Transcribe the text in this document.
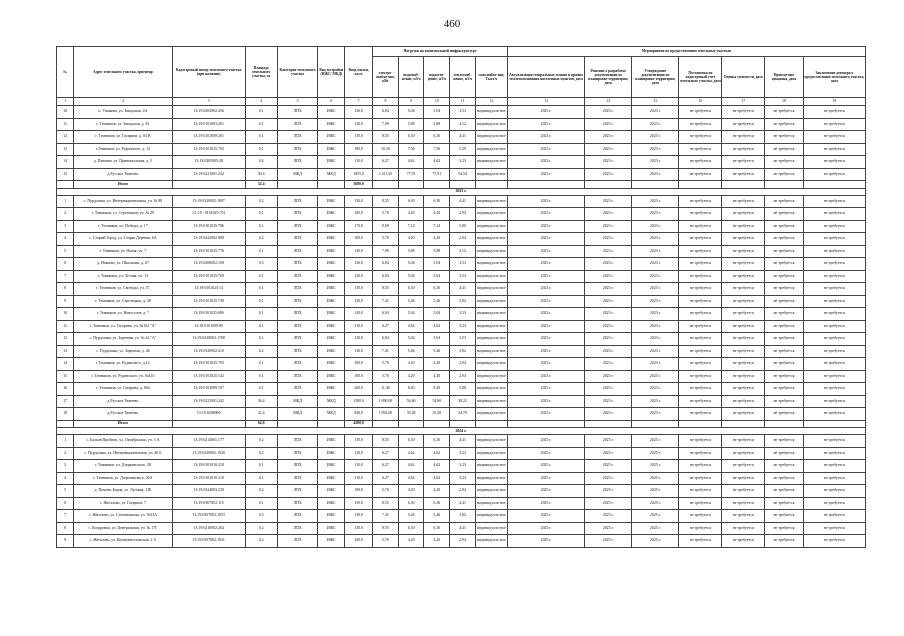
460
№	Адрес земельного участка, ориентир	Кадастровый номер земельного участка (при наличии)	Площадь земельного участка, га	Категория земельного участка	Вид застройки (ИЖС/ МКД)	Ввод жилья, кв.м.	Нагрузки на коммунальной инфраструктуре					Мероприятия по предоставлению земельных участков						
							электро-снабже-ние, кВт	водоснаб-жение, м3/ч	водоотве-дение, м3/ч	теплоснаб-жение, м3/ч	газоснабже-ние, Гкал/ч	Актуализация генеральных планов и правил землепользования населенных пунктов, дата	Решение о разработке документации по планировке территории, дата	Утверждение документации по планировке территории, дата	Постановка на кадастровый учет земельного участка, дата	Оценка стоимости, дата	Проведе-ние аукциона, дата	Заключение договора о предоставлении земельного участка, дата
1	2	3	4	5	6	7	8	9	10	11	12	13	14	15	16	17	18	19
10	п. Ушакова, ул. Заводская, 4А	13:19:0203002:456	0,1	ЛПХ	ИЖС	120,0	6,84	5,04	5,04	3,53	индивидуаль-ное	2023 г.	2023 г.	2023 г.	не требуется	не требуется	не требуется	не требуется
11	г. Темников, ул. Заводская, д. 81	13:19:0101003:401	0,1	ЛПХ	ИЖС	140,0	7,98	5,88	5,88	4,12	индивидуаль-ное	2023 г.	2023 г.	2023 г.	не требуется	не требуется	не требуется	не требуется
12	г. Темников, ул. Гагарина, д. 84 В	13:19:0101009:201	0,1	ЛПХ	ИЖС	150,0	8,55	6,30	6,30	4,41	индивидуаль-ное	2023 г.	2023 г.	2023 г.	не требуется	не требуется	не требуется	не требуется
13	г.Темников, ул. Рудинского, д. 12	13:19:0101025:703	0,1	ЛПХ	ИЖС	180,0	10,26	7,56	7,56	5,29	индивидуаль-ное	2023 г.	2023 г.	2023 г.	не требуется	не требуется	не требуется	не требуется
14	д. Пановка, ул. Привокзальная, д. 5	13:19:0205005:28	0,4	ЛПХ	ИЖС	110,0	6,27	4,62	4,62	3,23	индивидуаль-ное	2023 г.	2023 г.	2023 г.	не требуется	не требуется	не требуется	не требуется
15	д.Русское Тювеево	13:19:0221001:242	30,4	МКД	МКД	1855,0	2 411,50	77,91	77,91	54,54	индивидуаль-ное	2023 г.	2023 г.	2023 г.	не требуется	не требуется	не требуется	не требуется
	Итого		32,4			3680,0												
2023 г.																		
1	с. Пурдошки, ул. Интернациональная, уч. № 88	13:19:0320002:1807	0,2	ЛПХ	ИЖС	150,0	8,55	6,30	6,30	4,41	индивидуаль-ное	2023 г.	2023 г.	2023 г.	не требуется	не требуется	не требуется	не требуется
2	г. Темников, ул. Стрелецкая, уч. № 29	13 :19 : 0101025:701	0,1	ЛПХ	ИЖС	100,0	5,70	4,20	4,20	2,94	индивидуаль-ное	2023 г.	2023 г.	2023 г.	не требуется	не требуется	не требуется	не требуется
3	г. Темников, ул. Победы, д. 17	13:19:0101025:786	0,1	ЛПХ	ИЖС	170,0	9,69	7,14	7,14	5,00	индивидуаль-ное	2023 г.	2023 г.	2023 г.	не требуется	не требуется	не требуется	не требуется
4	с. Старый Город, ул. Старая Деревня, 6А	13:19:0422002:888	0,2	ЛПХ	ИЖС	100,0	5,70	4,20	4,20	2,94	индивидуаль-ное	2023 г.	2023 г.	2023 г.	не требуется	не требуется	не требуется	не требуется
5	г. Темников, ул. Новая, уч. 7	13:19:0101025:776	0,1	ЛПХ	ИЖС	140,0	7,98	5,88	5,88	4,12	индивидуаль-ное	2023 г.	2023 г.	2023 г.	не требуется	не требуется	не требуется	не требуется
6	д. Итяково, ул. Школьная, д. 67	13:19:0208002:108	0,3	ЛПХ	ИЖС	120,0	6,84	5,04	5,04	3,53	индивидуаль-ное	2023 г.	2023 г.	2023 г.	не требуется	не требуется	не требуется	не требуется
7	г. Темников, ул. Лесная, уч. 13	13:19:0101025:769	0,1	ЛПХ	ИЖС	120,0	6,84	5,04	5,04	3,53	индивидуаль-ное	2023 г.	2023 г.	2023 г.	не требуется	не требуется	не требуется	не требуется
8	г. Темников, ул. Свободы, уч. 37	13:19:0101025:14	0,1	ЛПХ	ИЖС	150,0	8,55	6,30	6,30	4,41	индивидуаль-ное	2023 г.	2023 г.	2023 г.	не требуется	не требуется	не требуется	не требуется
9	г. Темников, ул. Стрелецкая, д. 28	13:19:0101025:738	0,1	ЛПХ	ИЖС	130,0	7,41	5,46	5,46	3,82	индивидуаль-ное	2023 г.	2023 г.	2023 г.	не требуется	не требуется	не требуется	не требуется
10	г. Темников, ул. Новоселов, д. 7	13:19:0101025:696	0,1	ЛПХ	ИЖС	120,0	6,84	5,04	5,04	3,53	индивидуаль-ное	2023 г.	2023 г.	2023 г.	не требуется	не требуется	не требуется	не требуется
11	г. Темников, ул. Гагарина, уч. №102 "А"	13:19:0101009:80	0,1	ЛПХ	ИЖС	110,0	6,27	4,62	4,62	3,23	индивидуаль-ное	2023 г.	2023 г.	2023 г.	не требуется	не требуется	не требуется	не требуется
12	с. Пурдошки, ул. Заречная, уч. № 44 "А"	13:19:0320002:1708	0,1	ЛПХ	ИЖС	120,0	6,84	5,04	5,04	3,53	индивидуаль-ное	2023 г.	2023 г.	2023 г.	не требуется	не требуется	не требуется	не требуется
13	с. Пурдошки, ул. Заречная, д. 46	13:19:0320002:410	0,2	ЛПХ	ИЖС	130,0	7,41	5,46	5,46	3,82	индивидуаль-ное	2023 г.	2023 г.	2023 г.	не требуется	не требуется	не требуется	не требуется
14	г.Темников, ул. Рудинского, д.12	13:19:0101025:703	0,1	ЛПХ	ИЖС	100,0	5,70	4,20	4,20	2,94	индивидуаль-ное	2023 г.	2023 г.	2023 г.	не требуется	не требуется	не требуется	не требуется
15	г. Темников, ул. Рудинского, уч. №410	13:19:0101025:142	0,1	ЛПХ	ИЖС	100,0	5,70	4,20	4,20	2,94	индивидуаль-ное	2023 г.	2023 г.	2023 г.	не требуется	не требуется	не требуется	не требуется
16	г. Темников, ул. Гагарина, д. 80а	13:19:0101009:107	0,1	ЛПХ	ИЖС	200,0	11,40	8,40	8,40	5,88	индивидуаль-ное	2023 г.	2023 г.	2023 г.	не требуется	не требуется	не требуется	не требуется
17	д.Русское Тювеево	13:19:0221001:242	36,4	МКД	МКД	1300,0	1 690,00	54,60	54,60	38,22	индивидуаль-ное	2023 г.	2023 г.	2023 г.	не требуется	не требуется	не требуется	не требуется
18	д.Русское Тювеево	13:19:0208006	32,4	МКД	МКД	840,0	1 092,00	35,28	35,28	24,70	индивидуаль-ное	2023 г.	2023 г.	2023 г.	не требуется	не требуется	не требуется	не требуется
	Итого		64,8			4200,0												
2024 г.																		
1	с. Балков Пробино, ул. Октябрьская, уч. 3 А	13:19:0214001:177	0,2	ЛПХ	ИЖС	150,0	8,55	6,30	6,30	4,41	индивидуаль-ное	2025 г.	2025 г.	2025 г.	не требуется	не требуется	не требуется	не требуется
2	с. Пурдошки, ул. Интернациональная, уч. 46 Б	13:19:0320002:1920	0,2	ЛПХ	ИЖС	110,0	6,27	4,62	4,62	3,23	индивидуаль-ное	2025 г.	2025 г.	2025 г.	не требуется	не требуется	не требуется	не требуется
3	г. Темников, ул. Дзержинского, 28	13:19:0101010:218	0,1	ЛПХ	ИЖС	110,0	6,27	4,62	4,62	3,23	индивидуаль-ное	2025 г.	2025 г.	2025 г.	не требуется	не требуется	не требуется	не требуется
4	г. Темников, ул. Дзержинского, 20А	13:19:0101010:219	0,1	ЛПХ	ИЖС	110,0	6,27	4,62	4,62	3,23	индивидуаль-ное	2025 г.	2025 г.	2025 г.	не требуется	не требуется	не требуется	не требуется
5	д. Пешево Борок, ул. Луговая, 13Б	13:19:0324003:239	0,2	ЛПХ	ИЖС	100,0	5,70	4,20	4,20	2,94	индивидуаль-ное	2025 г.	2025 г.	2025 г.	не требуется	не требуется	не требуется	не требуется
6	с. Жегалово, ул. Гагарина, 7	13:19:0307002:115	0,1	ЛПХ	ИЖС	150,0	8,55	6,30	6,30	4,41	индивидуаль-ное	2025 г.	2025 г.	2025 г.	не требуется	не требуется	не требуется	не требуется
7	с. Жегалово, ул. Степановская, уч. 3613А	13:19:0307002:1053	0,3	ЛПХ	ИЖС	130,0	7,41	5,46	5,46	3,82	индивидуаль-ное	2025 г.	2025 г.	2025 г.	не требуется	не требуется	не требуется	не требуется
8	с. Кондровка, ул. Центральная, уч. № 17Г	13:19:0210002:264	0,2	ЛПХ	ИЖС	150,0	8,55	6,30	6,30	4,41	индивидуаль-ное	2025 г.	2025 г.	2025 г.	не требуется	не требуется	не требуется	не требуется
9	с. Жегалово, ул. Коммунистическая, 2 А	13:19:0307002:1031	0,2	ЛПХ	ИЖС	100,0	5,70	4,20	4,20	2,94	индивидуаль-ное	2025 г.	2025 г.	2025 г.	не требуется	не требуется	не требуется	не требуется
